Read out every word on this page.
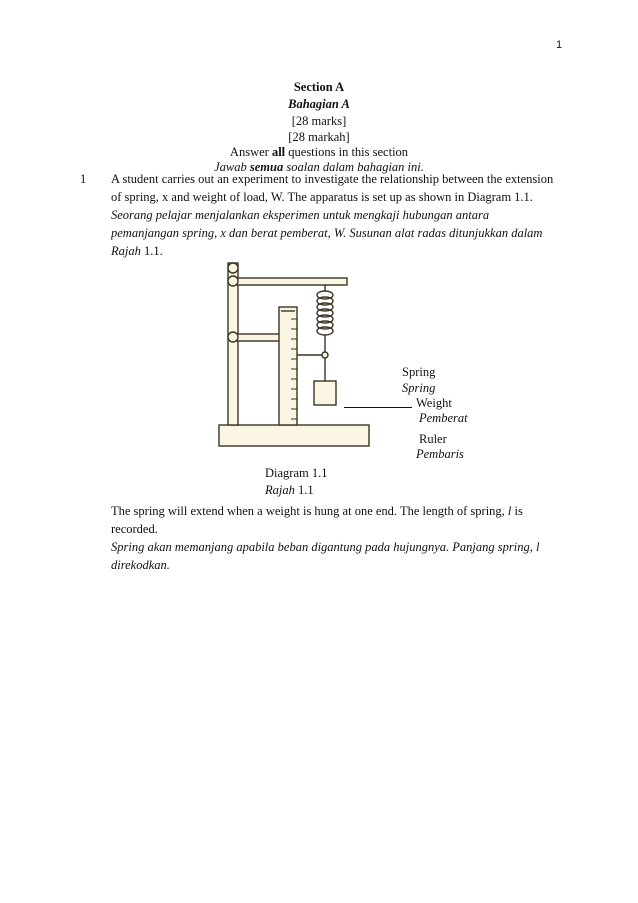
1
Section A
Bahagian A
[28 marks]
[28 markah]
Answer all questions in this section
Jawab semua soalan dalam bahagian ini.
1 A student carries out an experiment to investigate the relationship between the extension
of spring, x and weight of load, W. The apparatus is set up as shown in Diagram 1.1.
Seorang pelajar menjalankan eksperimen untuk mengkaji hubungan antara
pemanjangan spring, x dan berat pemberat, W. Susunan alat radas ditunjukkan dalam
Rajah 1.1.
Spring
Spring
Weight
Pemberat
Ruler
Pembaris
Diagram 1.1
Rajah 1.1
The spring will extend when a weight is hung at one end. The length of spring, l is
recorded.
Spring akan memanjang apabila beban digantung pada hujungnya. Panjang spring, l
direkodkan.
